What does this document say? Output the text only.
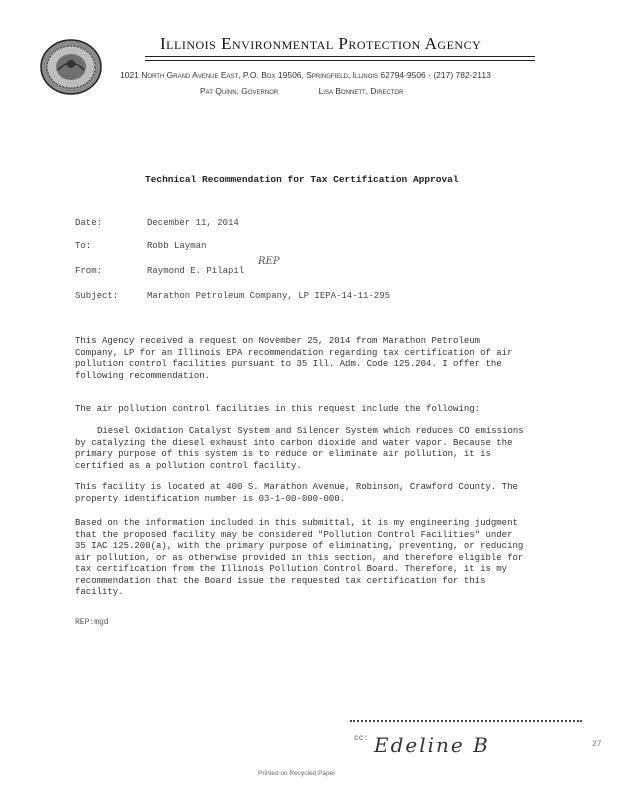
Illinois Environmental Protection Agency
1021 North Grand Avenue East, P.O. Box 19506, Springfield, Illinois 62794-9506 · (217) 782-2113
Pat Quinn, Governor	Lisa Bonnett, Director
Technical Recommendation for Tax Certification Approval
Date:	December 11, 2014
To:	Robb Layman
From:	Raymond E. Pilapil
REP
Subject:	Marathon Petroleum Company, LP IEPA-14-11-295

This Agency received a request on November 25, 2014 from Marathon Petroleum Company, LP for an Illinois EPA recommendation regarding tax certification of air pollution control facilities pursuant to 35 Ill. Adm. Code 125.204. I offer the following recommendation.

The air pollution control facilities in this request include the following:

Diesel Oxidation Catalyst System and Silencer System which reduces CO emissions by catalyzing the diesel exhaust into carbon dioxide and water vapor. Because the primary purpose of this system is to reduce or eliminate air pollution, it is certified as a pollution control facility.

This facility is located at 400 S. Marathon Avenue, Robinson, Crawford County. The property identification number is 03-1-00-000-000.

Based on the information included in this submittal, it is my engineering judgment that the proposed facility may be considered "Pollution Control Facilities" under 35 IAC 125.200(a), with the primary purpose of eliminating, preventing, or reducing air pollution, or as otherwise provided in this section, and therefore eligible for tax certification from the Illinois Pollution Control Board. Therefore, it is my recommendation that the Board issue the requested tax certification for this facility.

REP:mgd
cc: Edeline B	27
Printed on Recycled Paper
